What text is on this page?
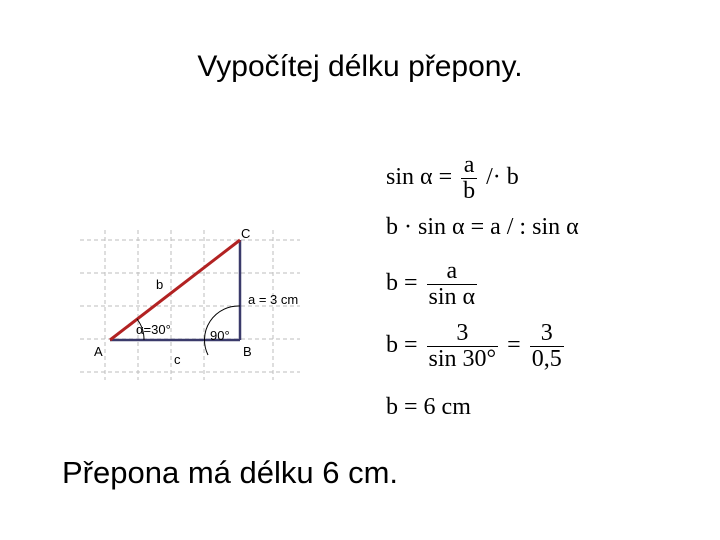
Vypočítej délku přepony.
A	B
C
b
a = 3 cm
c
α=30°	90°
$\sin \alpha = \frac{a}{b} /\cdot b$
b · sin α = a / : sin α
$b = \frac{a}{\text{sin α}}$
$b = \frac{3}{\sin 30^\circ} = \frac{3}{0,5}$
b = 6 cm
Přepona má délku 6 cm.
